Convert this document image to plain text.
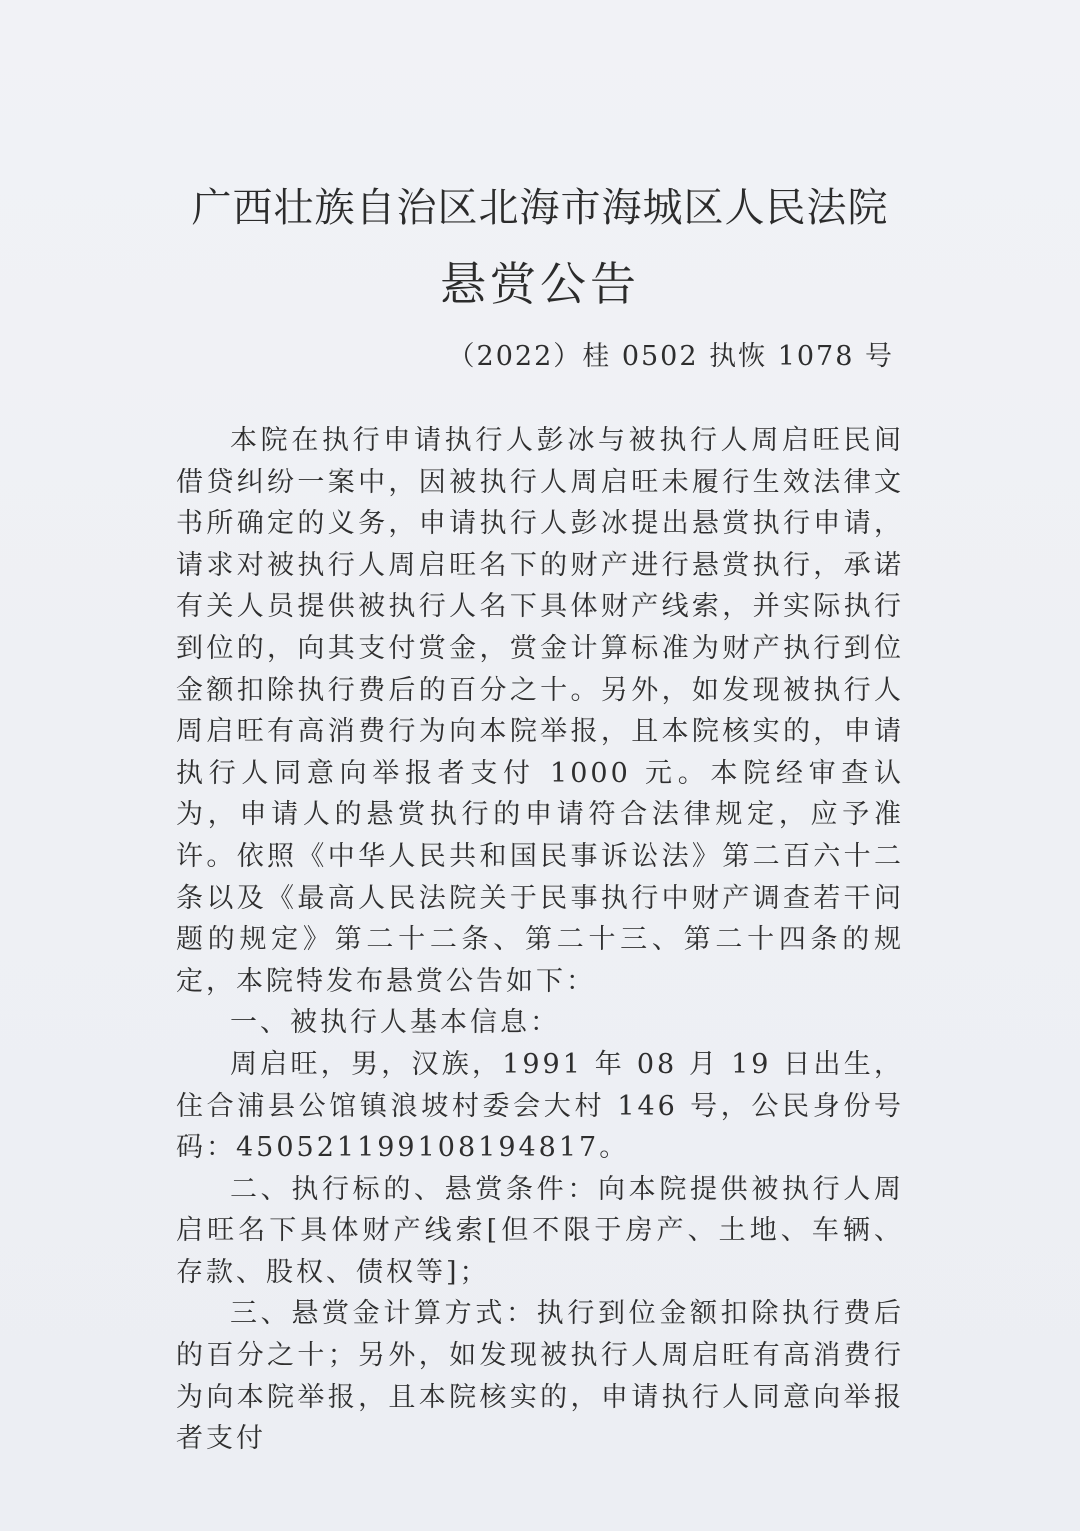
广西壮族自治区北海市海城区人民法院
悬赏公告
（2022）桂 0502 执恢 1078 号

本院在执行申请执行人彭冰与被执行人周启旺民间借贷纠纷一案中，因被执行人周启旺未履行生效法律文书所确定的义务，申请执行人彭冰提出悬赏执行申请，请求对被执行人周启旺名下的财产进行悬赏执行，承诺有关人员提供被执行人名下具体财产线索，并实际执行到位的，向其支付赏金，赏金计算标准为财产执行到位金额扣除执行费后的百分之十。另外，如发现被执行人周启旺有高消费行为向本院举报，且本院核实的，申请执行人同意向举报者支付 1000 元。本院经审查认为，申请人的悬赏执行的申请符合法律规定，应予准许。依照《中华人民共和国民事诉讼法》第二百六十二条以及《最高人民法院关于民事执行中财产调查若干问题的规定》第二十二条、第二十三、第二十四条的规定，本院特发布悬赏公告如下：

一、被执行人基本信息：

周启旺，男，汉族，1991 年 08 月 19 日出生，住合浦县公馆镇浪坡村委会大村 146 号，公民身份号码：450521199108194817。

二、执行标的、悬赏条件：向本院提供被执行人周启旺名下具体财产线索[但不限于房产、土地、车辆、存款、股权、债权等]；

三、悬赏金计算方式：执行到位金额扣除执行费后的百分之十；另外，如发现被执行人周启旺有高消费行为向本院举报，且本院核实的，申请执行人同意向举报者支付
